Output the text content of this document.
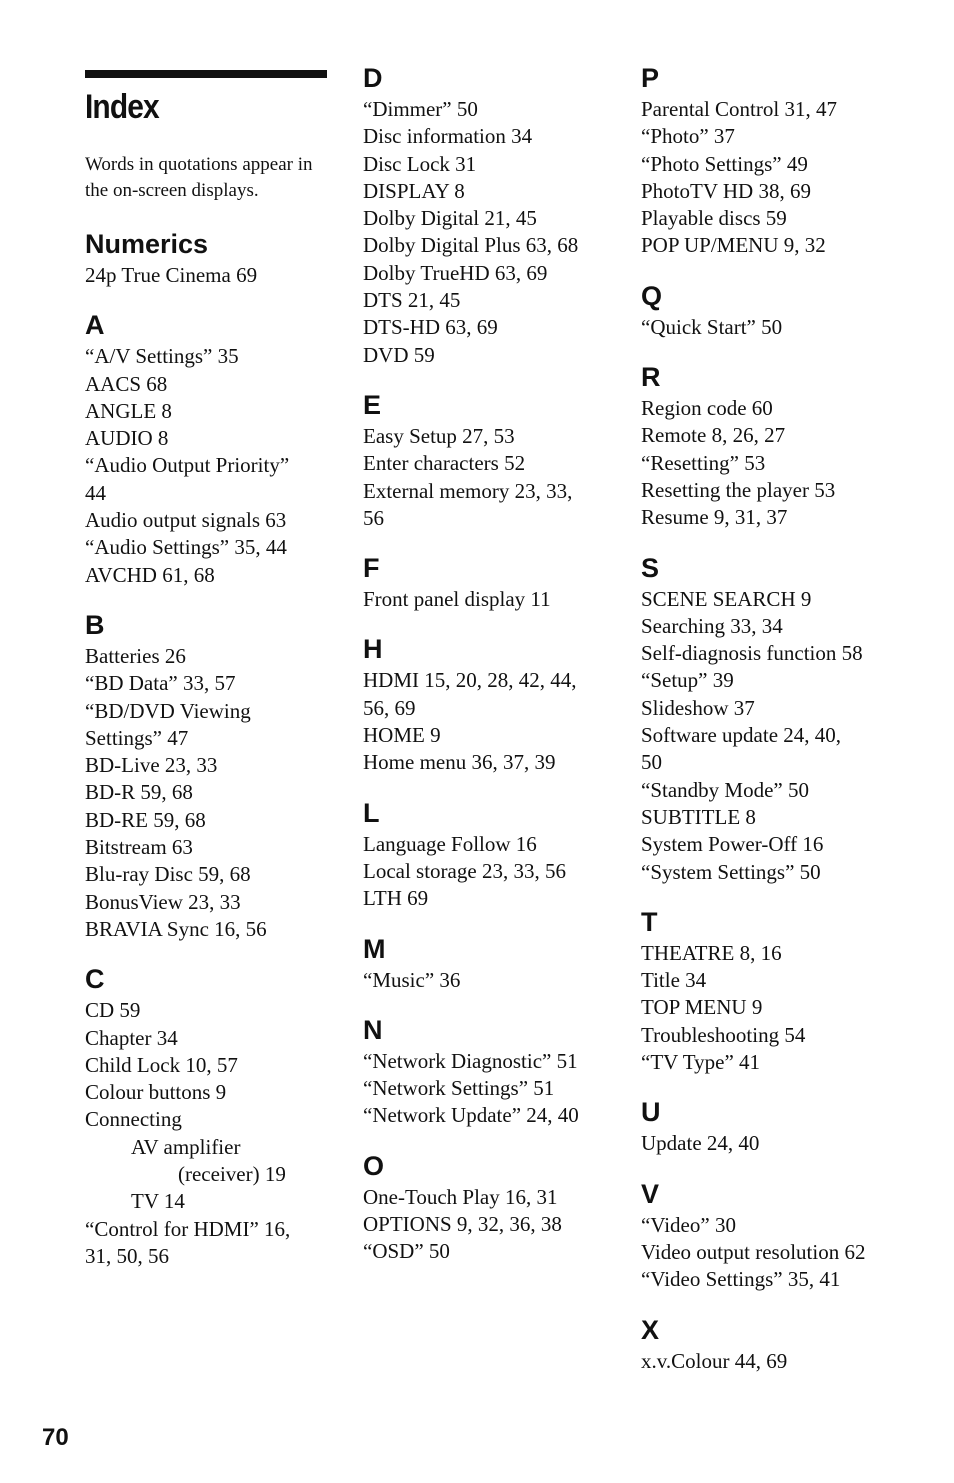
Index
Words in quotations appear in the on-screen displays.
Numerics
24p True Cinema 69
A
“A/V Settings” 35
AACS 68
ANGLE 8
AUDIO 8
“Audio Output Priority”
44
Audio output signals 63
“Audio Settings” 35, 44
AVCHD 61, 68
B
Batteries 26
“BD Data” 33, 57
“BD/DVD Viewing
Settings” 47
BD-Live 23, 33
BD-R 59, 68
BD-RE 59, 68
Bitstream 63
Blu-ray Disc 59, 68
BonusView 23, 33
BRAVIA Sync 16, 56
C
CD 59
Chapter 34
Child Lock 10, 57
Colour buttons 9
Connecting
AV amplifier
(receiver) 19
TV 14
“Control for HDMI” 16,
31, 50, 56
D
“Dimmer” 50
Disc information 34
Disc Lock 31
DISPLAY 8
Dolby Digital 21, 45
Dolby Digital Plus 63, 68
Dolby TrueHD 63, 69
DTS 21, 45
DTS-HD 63, 69
DVD 59
E
Easy Setup 27, 53
Enter characters 52
External memory 23, 33,
56
F
Front panel display 11
H
HDMI 15, 20, 28, 42, 44,
56, 69
HOME 9
Home menu 36, 37, 39
L
Language Follow 16
Local storage 23, 33, 56
LTH 69
M
“Music” 36
N
“Network Diagnostic” 51
“Network Settings” 51
“Network Update” 24, 40
O
One-Touch Play 16, 31
OPTIONS 9, 32, 36, 38
“OSD” 50
P
Parental Control 31, 47
“Photo” 37
“Photo Settings” 49
PhotoTV HD 38, 69
Playable discs 59
POP UP/MENU 9, 32
Q
“Quick Start” 50
R
Region code 60
Remote 8, 26, 27
“Resetting” 53
Resetting the player 53
Resume 9, 31, 37
S
SCENE SEARCH 9
Searching 33, 34
Self-diagnosis function 58
“Setup” 39
Slideshow 37
Software update 24, 40,
50
“Standby Mode” 50
SUBTITLE 8
System Power-Off 16
“System Settings” 50
T
THEATRE 8, 16
Title 34
TOP MENU 9
Troubleshooting 54
“TV Type” 41
U
Update 24, 40
V
“Video” 30
Video output resolution 62
“Video Settings” 35, 41
X
x.v.Colour 44, 69
70
